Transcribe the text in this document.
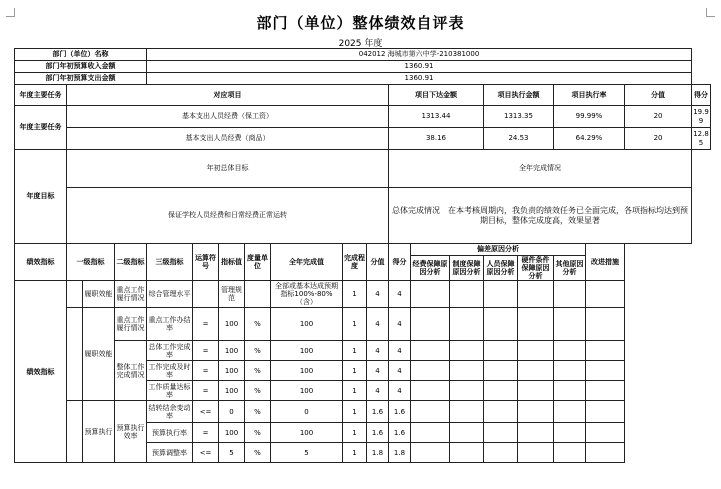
部门（单位）整体绩效自评表
2025 年度
部门（单位）名称				042012 海城市第六中学-210381000															
部门年初预算收入金额				1360.91															
部门年初预算支出金额				1360.91															
年度主要任务	对应项目										项目下达金额			项目执行金额		项目执行率		分值	得分
年度主要任务	基本支出人员经费（保工资）										1313.44			1313.35		99.99%		20	19.99
	基本支出人员经费（商品）										38.16			24.53		64.29%		20	12.85
年度目标	年初总体目标										全年完成情况								
	保证学校人员经费和日常经费正常运转										总体完成情况　在本考核周期内，我负责的绩效任务已全面完成，各项指标均达到预期目标，整体完成度高，效果显著								
绩效指标	一级指标		二级指标	三级指标	运算符号	指标值	度量单位	全年完成值	完成程度	分值	得分	偏差原因分析					改进措施		
												经费保障原因分析	制度保障原因分析	人员保障原因分析	硬件条件保障原因分析	其他原因分析			
绩效指标		履职效能	重点工作履行情况	综合管理水平		管理规范		全部或基本达成预期指标100%-80%（含）	1	4	4								
		履职效能	重点工作履行情况	重点工作办结率	=	100	%	100	1	4	4								
			整体工作完成情况	总体工作完成率	=	100	%	100	1	4	4								
				工作完成及时率	=	100	%	100	1	4	4								
				工作质量达标率	=	100	%	100	1	4	4								
		预算执行	预算执行效率	结转结余变动率	<=	0	%	0	1	1.6	1.6								
				预算执行率	=	100	%	100	1	1.6	1.6								
				预算调整率	<=	5	%	5	1	1.8	1.8								
